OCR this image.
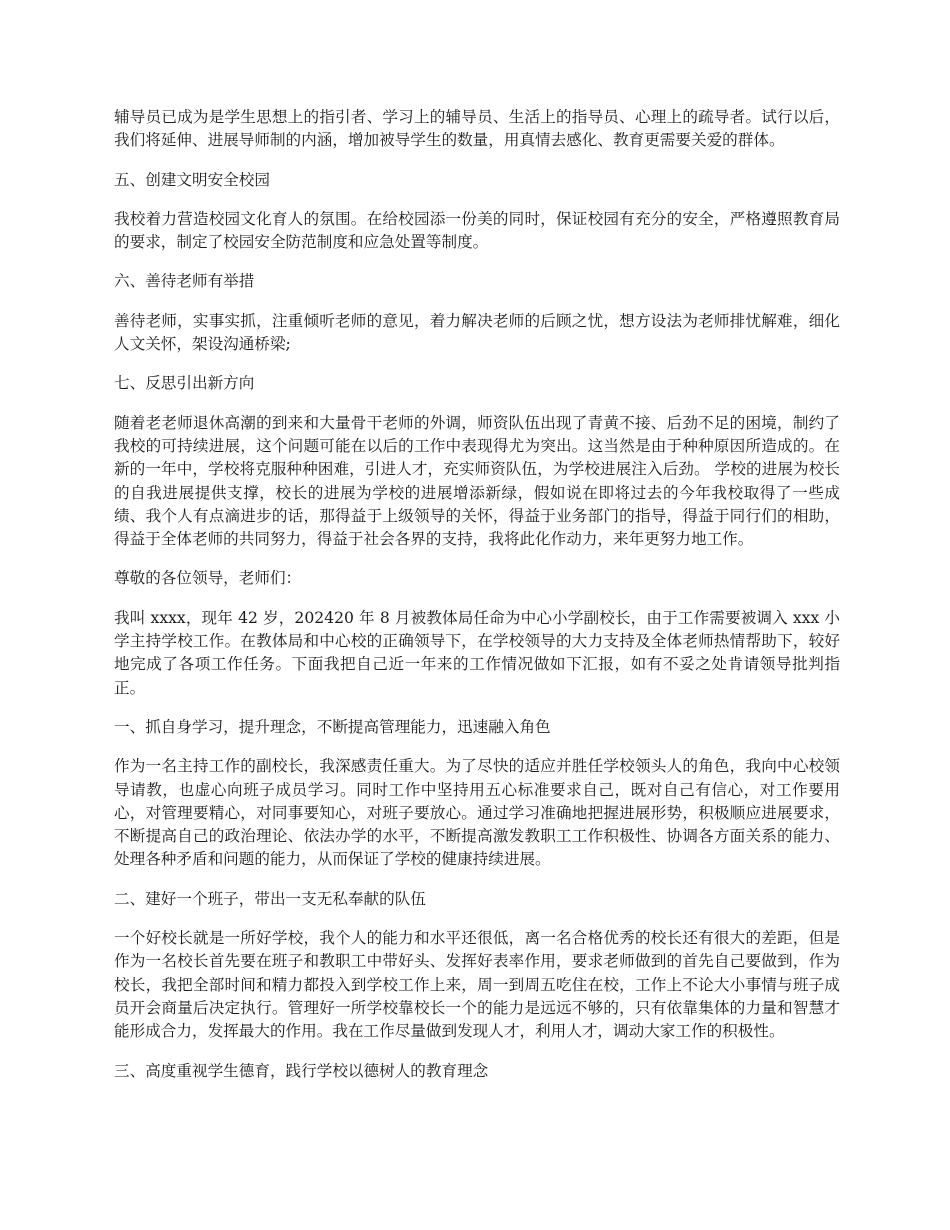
辅导员已成为是学生思想上的指引者、学习上的辅导员、生活上的指导员、心理上的疏导者。试行以后，我们将延伸、进展导师制的内涵，增加被导学生的数量，用真情去感化、教育更需要关爱的群体。

五、创建文明安全校园

我校着力营造校园文化育人的氛围。在给校园添一份美的同时，保证校园有充分的安全，严格遵照教育局的要求，制定了校园安全防范制度和应急处置等制度。

六、善待老师有举措

善待老师，实事实抓，注重倾听老师的意见，着力解决老师的后顾之忧，想方设法为老师排忧解难，细化人文关怀，架设沟通桥梁;

七、反思引出新方向

随着老老师退休高潮的到来和大量骨干老师的外调，师资队伍出现了青黄不接、后劲不足的困境，制约了我校的可持续进展，这个问题可能在以后的工作中表现得尤为突出。这当然是由于种种原因所造成的。在新的一年中，学校将克服种种困难，引进人才，充实师资队伍，为学校进展注入后劲。 学校的进展为校长的自我进展提供支撑，校长的进展为学校的进展增添新绿，假如说在即将过去的今年我校取得了一些成绩、我个人有点滴进步的话，那得益于上级领导的关怀，得益于业务部门的指导，得益于同行们的相助，得益于全体老师的共同努力，得益于社会各界的支持，我将此化作动力，来年更努力地工作。

尊敬的各位领导，老师们：

我叫 xxxx，现年 42 岁，202420 年 8 月被教体局任命为中心小学副校长，由于工作需要被调入 xxx 小学主持学校工作。在教体局和中心校的正确领导下，在学校领导的大力支持及全体老师热情帮助下，较好地完成了各项工作任务。下面我把自己近一年来的工作情况做如下汇报，如有不妥之处肯请领导批判指正。

一、抓自身学习，提升理念，不断提高管理能力，迅速融入角色

作为一名主持工作的副校长，我深感责任重大。为了尽快的适应并胜任学校领头人的角色，我向中心校领导请教，也虚心向班子成员学习。同时工作中坚持用五心标准要求自己，既对自己有信心，对工作要用心，对管理要精心，对同事要知心，对班子要放心。通过学习准确地把握进展形势，积极顺应进展要求，不断提高自己的政治理论、依法办学的水平，不断提高激发教职工工作积极性、协调各方面关系的能力、处理各种矛盾和问题的能力，从而保证了学校的健康持续进展。

二、建好一个班子，带出一支无私奉献的队伍

一个好校长就是一所好学校，我个人的能力和水平还很低，离一名合格优秀的校长还有很大的差距，但是作为一名校长首先要在班子和教职工中带好头、发挥好表率作用，要求老师做到的首先自己要做到，作为校长，我把全部时间和精力都投入到学校工作上来，周一到周五吃住在校，工作上不论大小事情与班子成员开会商量后决定执行。管理好一所学校靠校长一个的能力是远远不够的，只有依靠集体的力量和智慧才能形成合力，发挥最大的作用。我在工作尽量做到发现人才，利用人才，调动大家工作的积极性。

三、高度重视学生德育，践行学校以德树人的教育理念
